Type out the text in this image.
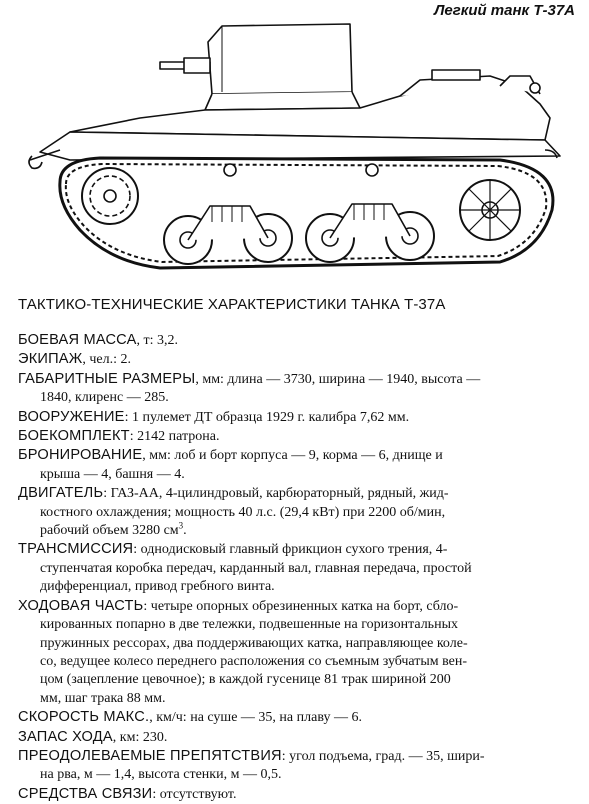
Легкий танк Т-37А
ТАКТИКО-ТЕХНИЧЕСКИЕ ХАРАКТЕРИСТИКИ ТАНКА Т-37А

БОЕВАЯ МАССА, т: 3,2.

ЭКИПАЖ, чел.: 2.

ГАБАРИТНЫЕ РАЗМЕРЫ, мм: длина — 3730, ширина — 1940, высота —
1840, клиренс — 285.

ВООРУЖЕНИЕ: 1 пулемет ДТ образца 1929 г. калибра 7,62 мм.

БОЕКОМПЛЕКТ: 2142 патрона.

БРОНИРОВАНИЕ, мм: лоб и борт корпуса — 9, корма — 6, днище и
крыша — 4, башня — 4.

ДВИГАТЕЛЬ: ГАЗ-АА, 4-цилиндровый, карбюраторный, рядный, жид-
костного охлаждения; мощность 40 л.с. (29,4 кВт) при 2200 об/мин,
рабочий объем 3280 $см^3$.

ТРАНСМИССИЯ: однодисковый главный фрикцион сухого трения, 4-
ступенчатая коробка передач, карданный вал, главная передача, простой
дифференциал, привод гребного винта.

ХОДОВАЯ ЧАСТЬ: четыре опорных обрезиненных катка на борт, сбло-
кированных попарно в две тележки, подвешенные на горизонтальных
пружинных рессорах, два поддерживающих катка, направляющее коле-
со, ведущее колесо переднего расположения со съемным зубчатым вен-
цом (зацепление цевочное); в каждой гусенице 81 трак шириной 200
мм, шаг трака 88 мм.

СКОРОСТЬ МАКС., км/ч: на суше — 35, на плаву — 6.

ЗАПАС ХОДА, км: 230.

ПРЕОДОЛЕВАЕМЫЕ ПРЕПЯТСТВИЯ: угол подъема, град. — 35, шири-
на рва, м — 1,4, высота стенки, м — 0,5.

СРЕДСТВА СВЯЗИ: отсутствуют.
